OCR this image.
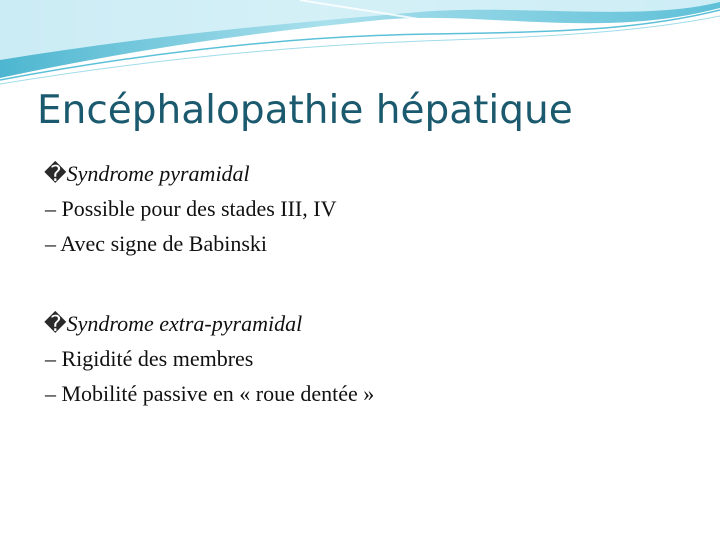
Encéphalopathie hépatique
�Syndrome pyramidal
– Possible pour des stades III, IV
– Avec signe de Babinski
�Syndrome extra-pyramidal
– Rigidité des membres
– Mobilité passive en « roue dentée »
